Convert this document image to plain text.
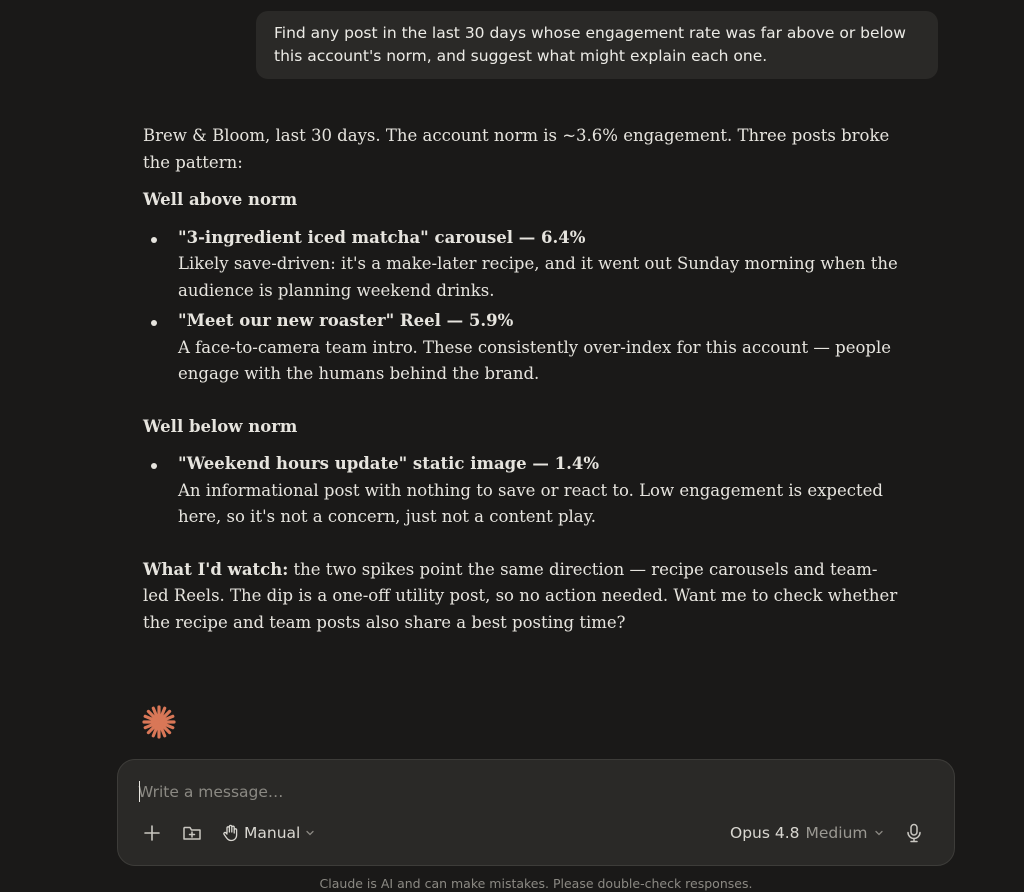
Find any post in the last 30 days whose engagement rate was far above or below this account's norm, and suggest what might explain each one.

Brew & Bloom, last 30 days. The account norm is ~3.6% engagement. Three posts broke the pattern:

Well above norm

"3-ingredient iced matcha" carousel — 6.4%
Likely save-driven: it's a make-later recipe, and it went out Sunday morning when the audience is planning weekend drinks.
"Meet our new roaster" Reel — 5.9%
A face-to-camera team intro. These consistently over-index for this account — people engage with the humans behind the brand.

Well below norm

"Weekend hours update" static image — 1.4%
An informational post with nothing to save or react to. Low engagement is expected here, so it's not a concern, just not a content play.

What I'd watch: the two spikes point the same direction — recipe carousels and team-led Reels. The dip is a one-off utility post, so no action needed. Want me to check whether the recipe and team posts also share a best posting time?

Write a message…
Manual	Opus 4.8 Medium
Claude is AI and can make mistakes. Please double-check responses.
